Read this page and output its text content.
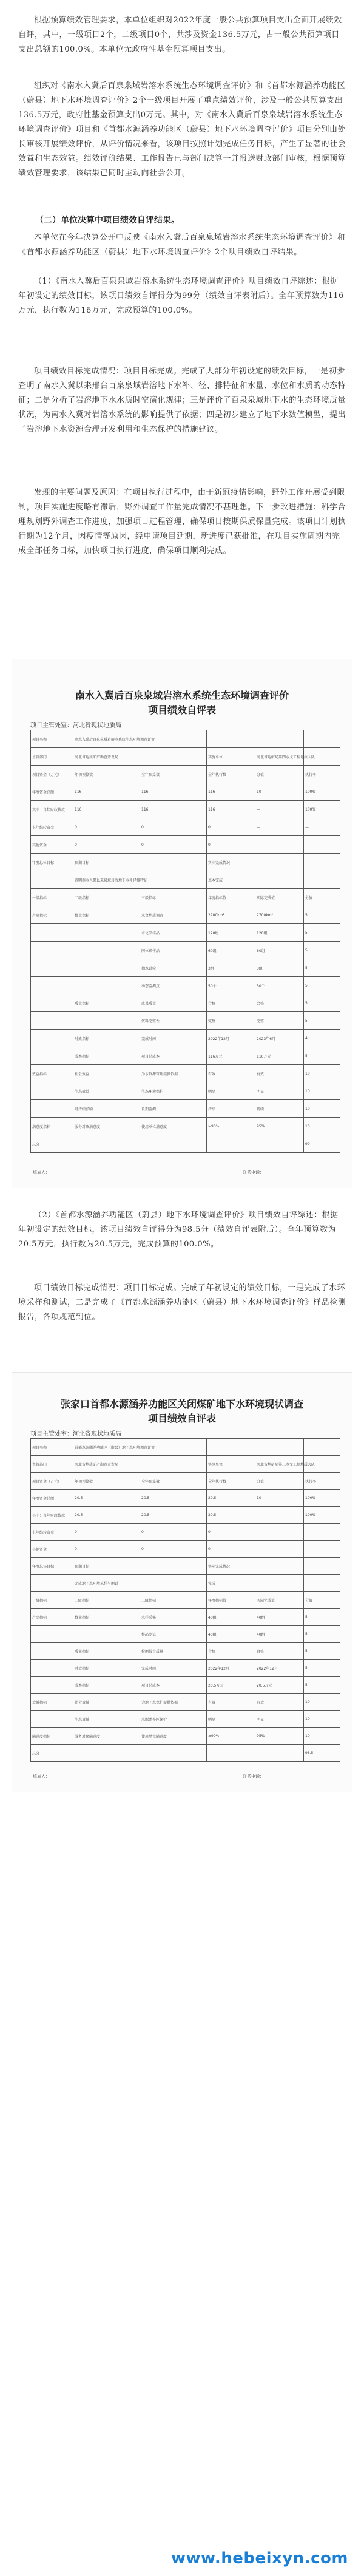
根据预算绩效管理要求，本单位组织对2022年度一般公共预算项目支出全面开展绩效自评，其中，一级项目2个，二级项目0个，共涉及资金136.5万元，占一般公共预算项目支出总额的100.0%。本单位无政府性基金预算项目支出。

组织对《南水入冀后百泉泉域岩溶水系统生态环境调查评价》和《首都水源涵养功能区（蔚县）地下水环境调查评价》2个一级项目开展了重点绩效评价，涉及一般公共预算支出136.5万元，政府性基金预算支出0万元。其中，对《南水入冀后百泉泉域岩溶水系统生态环境调查评价》项目和《首都水源涵养功能区（蔚县）地下水环境调查评价》项目分别由处长审核开展绩效评价，从评价情况来看，该项目按照计划完成任务目标，产生了显著的社会效益和生态效益。绩效评价结果、工作报告已与部门决算一并报送财政部门审核，根据预算绩效管理要求，该结果已同时主动向社会公开。

（二）单位决算中项目绩效自评结果。

本单位在今年决算公开中反映《南水入冀后百泉泉域岩溶水系统生态环境调查评价》和《首都水源涵养功能区（蔚县）地下水环境调查评价》2个项目绩效自评结果。

（1）《南水入冀后百泉泉域岩溶水系统生态环境调查评价》项目绩效自评综述：根据年初设定的绩效目标，该项目绩效自评得分为99分（绩效自评表附后）。全年预算数为116万元，执行数为116万元，完成预算的100.0%。

项目绩效目标完成情况：项目目标完成。完成了大部分年初设定的绩效目标，一是初步查明了南水入冀以来邢台百泉泉域岩溶地下水补、径、排特征和水量、水位和水质的动态特征；二是分析了岩溶地下水水质时空演化规律；三是评价了百泉泉域地下水的生态环境质量状况，为南水入冀对岩溶水系统的影响提供了依据；四是初步建立了地下水数值模型，提出了岩溶地下水资源合理开发利用和生态保护的措施建议。

发现的主要问题及原因：在项目执行过程中，由于新冠疫情影响，野外工作开展受到限制，项目实施进度略有滞后，野外调查工作量完成情况不甚理想。下一步改进措施：科学合理规划野外调查工作进度，加强项目过程管理，确保项目按期保质保量完成。该项目计划执行期为12个月，因疫情等原因，经申请项目延期，新进度已获批准，在项目实施周期内完成全部任务目标，加快项目执行进度，确保项目顺利完成。

南水入冀后百泉泉域岩溶水系统生态环境调查评价
项目绩效自评表
项目主管处室：河北省现状地质局
项目名称	南水入冀后百泉泉域岩溶水系统生态环境调查评价				
主管部门	河北省地质矿产勘查开发局		实施单位	河北省地矿局第四水文工程地质大队	
项目资金（万元）	年初预算数	全年预算数	全年执行数	分值	执行率
年度资金总额	116	116	116	10	100%
其中：当年财政拨款	116	116	116	—	100%
上年结转资金	0	0	0	—	—
其他资金	0	0	0	—	—
年度总体目标	预期目标		实际完成情况		
	查明南水入冀以来泉域岩溶地下水补径排特征		基本完成		
一级指标	二级指标	三级指标	年度指标值	实际完成值	分值
产出指标	数量指标	水文地质调查	2700km²	2700km²	5
		水化学样品	120组	120组	5
		同位素样品	60组	60组	5
		抽水试验	3组	3组	5
		动态监测点	50个	50个	5
	质量指标	成果质量	合格	合格	5
		资料完整性	完整	完整	5
	时效指标	完成时间	2022年12月	2023年6月	4
	成本指标	项目总成本	116万元	116万元	5
效益指标	社会效益	为水资源管理提供依据	有效	有效	10
	生态效益	生态环境保护	明显	明显	10
	可持续影响	长期监测	持续	持续	10
满意度指标	服务对象满意度	使用单位满意度	≥90%	95%	10
总分					99
填表人：	联系电话：

（2）《首都水源涵养功能区（蔚县）地下水环境调查评价》项目绩效自评综述：根据年初设定的绩效目标，该项目绩效自评得分为98.5分（绩效自评表附后）。全年预算数为20.5万元，执行数为20.5万元，完成预算的100.0%。

项目绩效目标完成情况：项目目标完成。完成了年初设定的绩效目标，一是完成了水环境采样和测试，二是完成了《首都水源涵养功能区（蔚县）地下水环境调查评价》样品检测报告，各项规范到位。

张家口首都水源涵养功能区关闭煤矿地下水环境现状调查
项目绩效自评表
项目主管处室：河北省现状地质局
项目名称	首都水源涵养功能区（蔚县）地下水环境调查评价				
主管部门	河北省地质矿产勘查开发局		实施单位	河北省地矿局第三水文工程地质大队	
项目资金（万元）	年初预算数	全年预算数	全年执行数	分值	执行率
年度资金总额	20.5	20.5	20.5	10	100%
其中：当年财政拨款	20.5	20.5	20.5	—	100%
上年结转资金	0	0	0	—	—
其他资金	0	0	0	—	—
年度总体目标	预期目标		实际完成情况		
	完成地下水环境采样与测试		完成		
一级指标	二级指标	三级指标	年度指标值	实际完成值	分值
产出指标	数量指标	水样采集	40组	40组	5
		样品测试	40组	40组	5
	质量指标	检测报告质量	合格	合格	5
	时效指标	完成时间	2022年12月	2022年12月	5
	成本指标	项目总成本	20.5万元	20.5万元	5
效益指标	社会效益	为地下水保护提供依据	有效	有效	10
	生态效益	水源涵养区保护	明显	明显	10
满意度指标	服务对象满意度	使用单位满意度	≥90%	95%	10
总分					98.5
填表人：	联系电话：
www.hebeixyn.com
